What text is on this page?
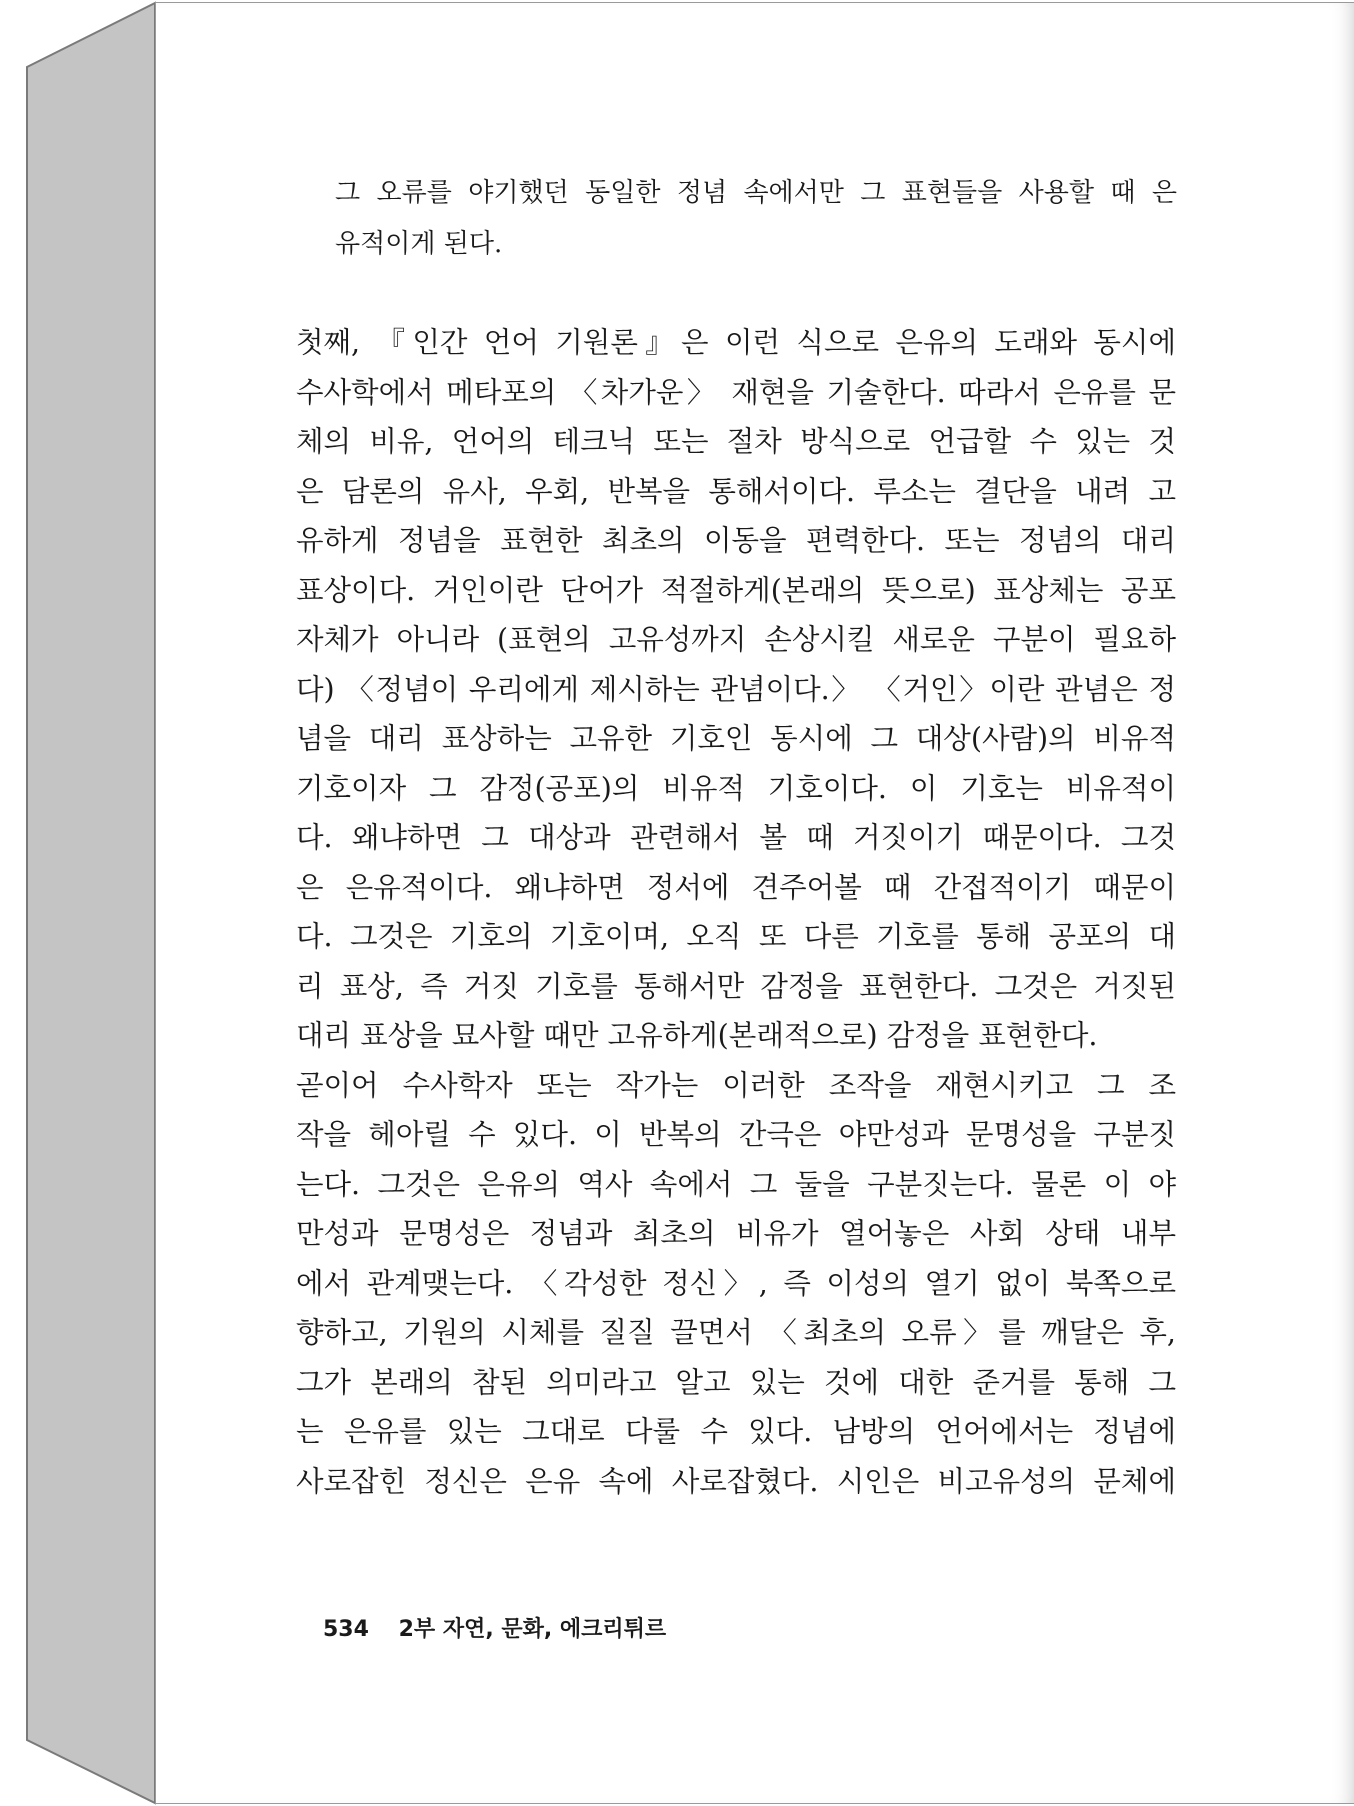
그 오류를 야기했던 동일한 정념 속에서만 그 표현들을 사용할 때 은
유적이게 된다.
첫째, 『인간 언어 기원론』은 이런 식으로 은유의 도래와 동시에
수사학에서 메타포의 〈차가운〉 재현을 기술한다. 따라서 은유를 문
체의 비유, 언어의 테크닉 또는 절차 방식으로 언급할 수 있는 것
은 담론의 유사, 우회, 반복을 통해서이다. 루소는 결단을 내려 고
유하게 정념을 표현한 최초의 이동을 편력한다. 또는 정념의 대리
표상이다. 거인이란 단어가 적절하게(본래의 뜻으로) 표상체는 공포
자체가 아니라 (표현의 고유성까지 손상시킬 새로운 구분이 필요하
다) 〈정념이 우리에게 제시하는 관념이다.〉 〈거인〉이란 관념은 정
념을 대리 표상하는 고유한 기호인 동시에 그 대상(사람)의 비유적
기호이자 그 감정(공포)의 비유적 기호이다. 이 기호는 비유적이
다. 왜냐하면 그 대상과 관련해서 볼 때 거짓이기 때문이다. 그것
은 은유적이다. 왜냐하면 정서에 견주어볼 때 간접적이기 때문이
다. 그것은 기호의 기호이며, 오직 또 다른 기호를 통해 공포의 대
리 표상, 즉 거짓 기호를 통해서만 감정을 표현한다. 그것은 거짓된
대리 표상을 묘사할 때만 고유하게(본래적으로) 감정을 표현한다.
곧이어 수사학자 또는 작가는 이러한 조작을 재현시키고 그 조
작을 헤아릴 수 있다. 이 반복의 간극은 야만성과 문명성을 구분짓
는다. 그것은 은유의 역사 속에서 그 둘을 구분짓는다. 물론 이 야
만성과 문명성은 정념과 최초의 비유가 열어놓은 사회 상태 내부
에서 관계맺는다. 〈각성한 정신〉, 즉 이성의 열기 없이 북쪽으로
향하고, 기원의 시체를 질질 끌면서 〈최초의 오류〉를 깨달은 후,
그가 본래의 참된 의미라고 알고 있는 것에 대한 준거를 통해 그
는 은유를 있는 그대로 다룰 수 있다. 남방의 언어에서는 정념에
사로잡힌 정신은 은유 속에 사로잡혔다. 시인은 비고유성의 문체에
534 2부 자연, 문화, 에크리튀르
